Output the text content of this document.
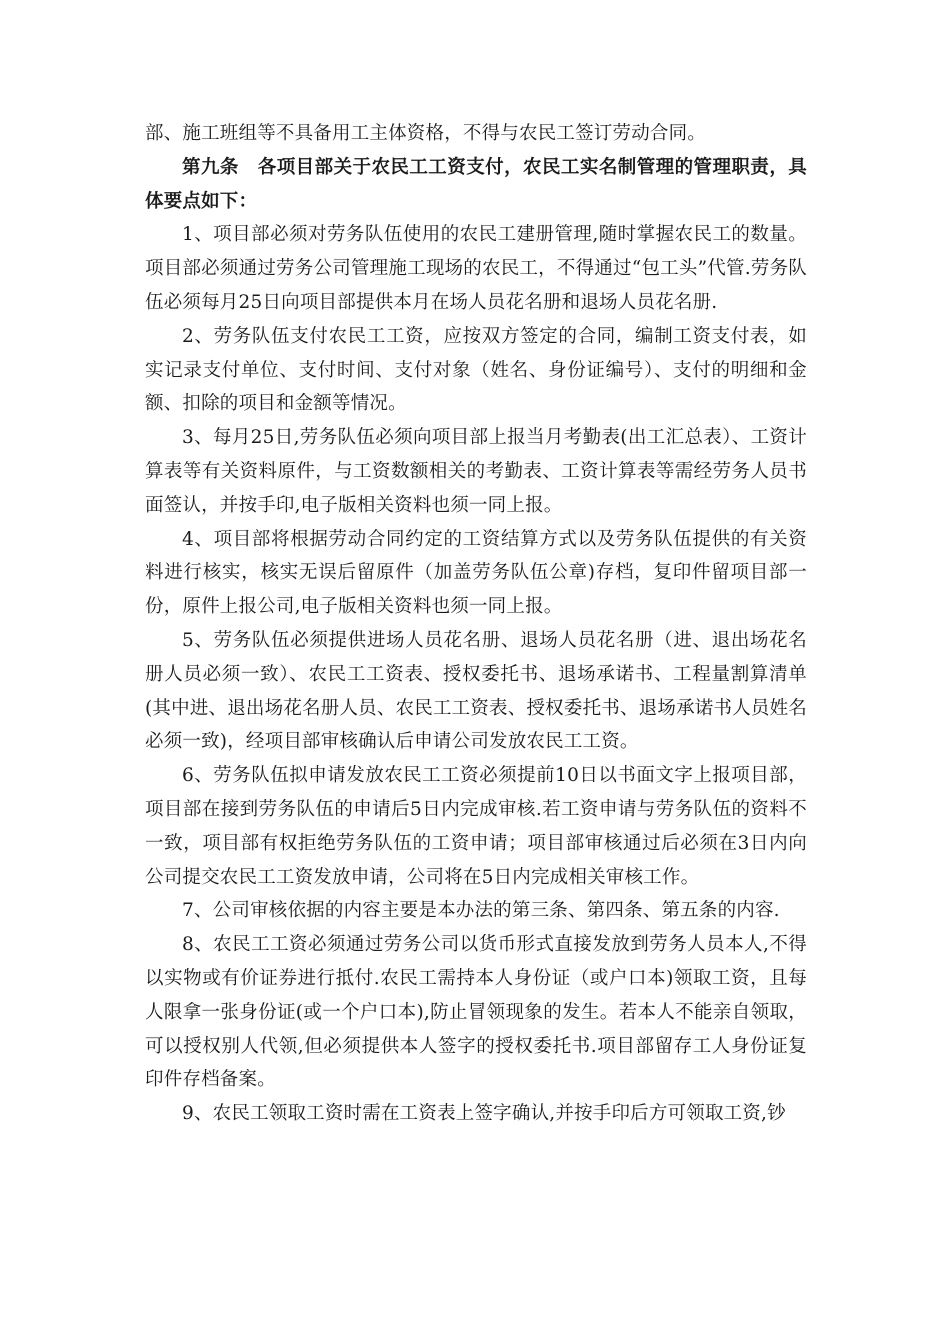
部、施工班组等不具备用工主体资格，不得与农民工签订劳动合同。

第九条　各项目部关于农民工工资支付，农民工实名制管理的管理职责，具体要点如下：

1、项目部必须对劳务队伍使用的农民工建册管理,随时掌握农民工的数量。项目部必须通过劳务公司管理施工现场的农民工，不得通过“包工头”代管.劳务队伍必须每月25日向项目部提供本月在场人员花名册和退场人员花名册.

2、劳务队伍支付农民工工资，应按双方签定的合同，编制工资支付表，如实记录支付单位、支付时间、支付对象（姓名、身份证编号）、支付的明细和金额、扣除的项目和金额等情况。

3、每月25日,劳务队伍必须向项目部上报当月考勤表(出工汇总表）、工资计算表等有关资料原件，与工资数额相关的考勤表、工资计算表等需经劳务人员书面签认，并按手印,电子版相关资料也须一同上报。

4、项目部将根据劳动合同约定的工资结算方式以及劳务队伍提供的有关资料进行核实，核实无误后留原件（加盖劳务队伍公章)存档，复印件留项目部一份，原件上报公司,电子版相关资料也须一同上报。

5、劳务队伍必须提供进场人员花名册、退场人员花名册（进、退出场花名册人员必须一致）、农民工工资表、授权委托书、退场承诺书、工程量割算清单(其中进、退出场花名册人员、农民工工资表、授权委托书、退场承诺书人员姓名必须一致)，经项目部审核确认后申请公司发放农民工工资。

6、劳务队伍拟申请发放农民工工资必须提前10日以书面文字上报项目部，项目部在接到劳务队伍的申请后5日内完成审核.若工资申请与劳务队伍的资料不一致，项目部有权拒绝劳务队伍的工资申请；项目部审核通过后必须在3日内向公司提交农民工工资发放申请，公司将在5日内完成相关审核工作。

7、公司审核依据的内容主要是本办法的第三条、第四条、第五条的内容.

8、农民工工资必须通过劳务公司以货币形式直接发放到劳务人员本人,不得以实物或有价证券进行抵付.农民工需持本人身份证（或户口本)领取工资，且每人限拿一张身份证(或一个户口本),防止冒领现象的发生。若本人不能亲自领取，可以授权别人代领,但必须提供本人签字的授权委托书.项目部留存工人身份证复印件存档备案。

9、农民工领取工资时需在工资表上签字确认,并按手印后方可领取工资,钞
